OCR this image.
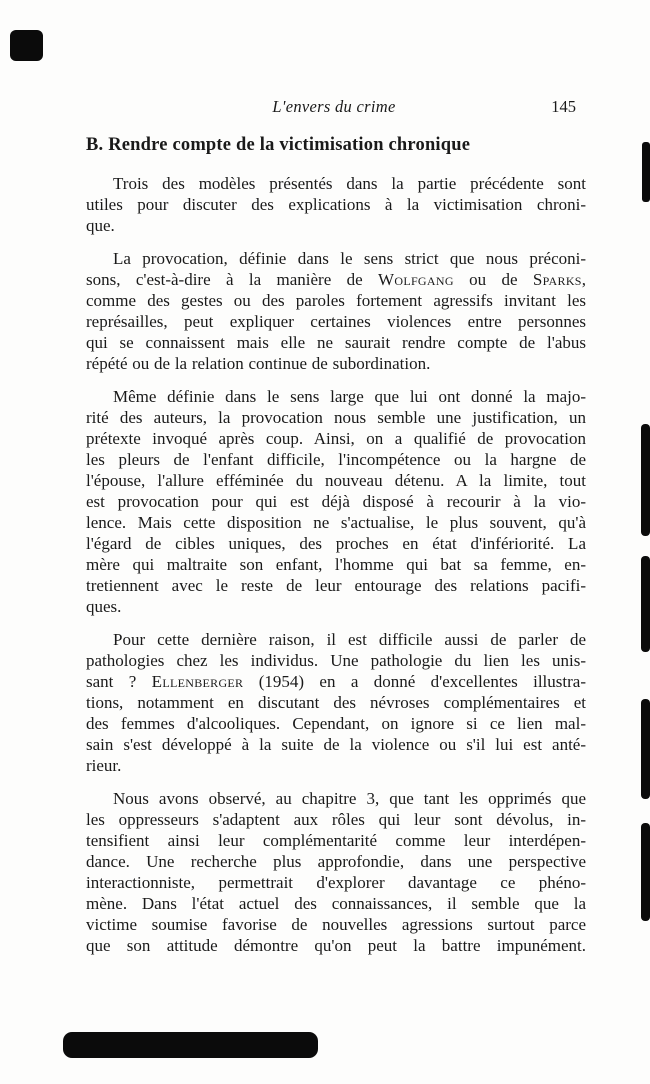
L'envers du crime	145
B. Rendre compte de la victimisation chronique
Trois des modèles présentés dans la partie précédente sont
utiles pour discuter des explications à la victimisation chroni-
que.
La provocation, définie dans le sens strict que nous préconi-
sons, c'est-à-dire à la manière de Wolfgang ou de Sparks,
comme des gestes ou des paroles fortement agressifs invitant les
représailles, peut expliquer certaines violences entre personnes
qui se connaissent mais elle ne saurait rendre compte de l'abus
répété ou de la relation continue de subordination.
Même définie dans le sens large que lui ont donné la majo-
rité des auteurs, la provocation nous semble une justification, un
prétexte invoqué après coup. Ainsi, on a qualifié de provocation
les pleurs de l'enfant difficile, l'incompétence ou la hargne de
l'épouse, l'allure efféminée du nouveau détenu. A la limite, tout
est provocation pour qui est déjà disposé à recourir à la vio-
lence. Mais cette disposition ne s'actualise, le plus souvent, qu'à
l'égard de cibles uniques, des proches en état d'infériorité. La
mère qui maltraite son enfant, l'homme qui bat sa femme, en-
tretiennent avec le reste de leur entourage des relations pacifi-
ques.
Pour cette dernière raison, il est difficile aussi de parler de
pathologies chez les individus. Une pathologie du lien les unis-
sant ? Ellenberger (1954) en a donné d'excellentes illustra-
tions, notamment en discutant des névroses complémentaires et
des femmes d'alcooliques. Cependant, on ignore si ce lien mal-
sain s'est développé à la suite de la violence ou s'il lui est anté-
rieur.
Nous avons observé, au chapitre 3, que tant les opprimés que
les oppresseurs s'adaptent aux rôles qui leur sont dévolus, in-
tensifient ainsi leur complémentarité comme leur interdépen-
dance. Une recherche plus approfondie, dans une perspective
interactionniste, permettrait d'explorer davantage ce phéno-
mène. Dans l'état actuel des connaissances, il semble que la
victime soumise favorise de nouvelles agressions surtout parce
que son attitude démontre qu'on peut la battre impunément.
